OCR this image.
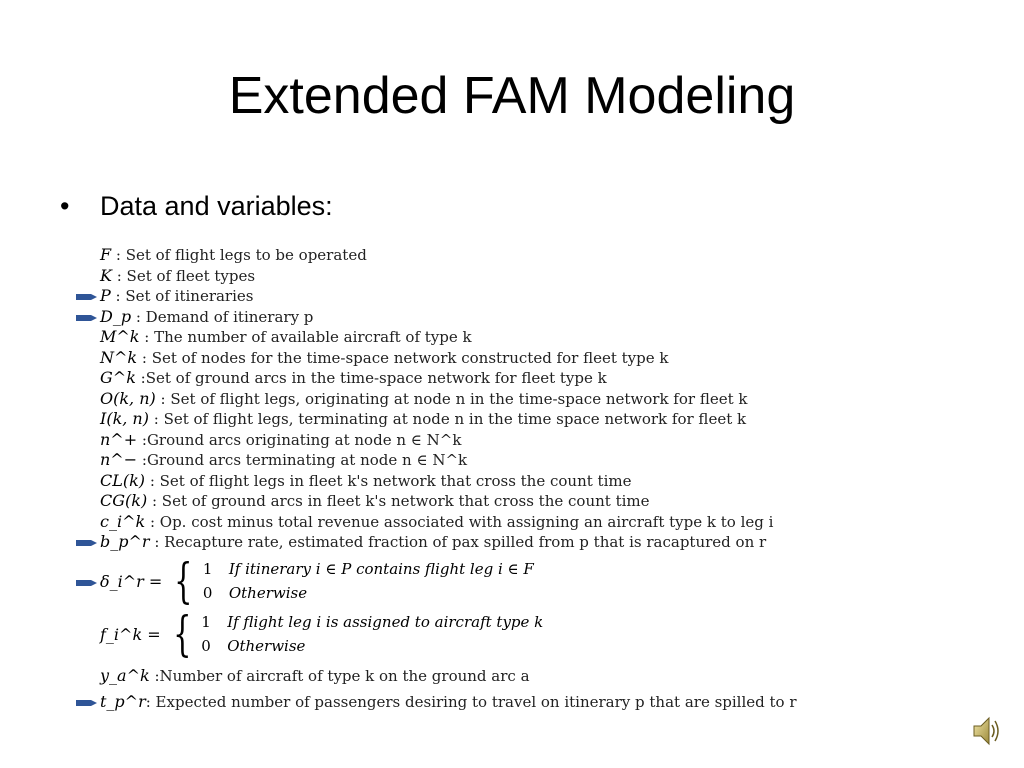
Extended FAM Modeling
• Data and variables:
F : Set of flight legs to be operated
K : Set of fleet types
P : Set of itineraries
D_p : Demand of itinerary p
M^k : The number of available aircraft of type k
N^k : Set of nodes for the time-space network constructed for fleet type k
G^k :Set of ground arcs in the time-space network for fleet type k
O(k, n) : Set of flight legs, originating at node n in the time-space network for fleet k
I(k, n) : Set of flight legs, terminating at node n in the time space network for fleet k
n^+ :Ground arcs originating at node n ∈ N^k
n^− :Ground arcs terminating at node n ∈ N^k
CL(k) : Set of flight legs in fleet k's network that cross the count time
CG(k) : Set of ground arcs in fleet k's network that cross the count time
c_i^k : Op. cost minus total revenue associated with assigning an aircraft type k to leg i
b_p^r : Recapture rate, estimated fraction of pax spilled from p that is racaptured on r
δ_i^r = { 1 If itinerary i ∈ P contains flight leg i ∈ F
0 Otherwise
f_i^k = { 1 If flight leg i is assigned to aircraft type k
0 Otherwise
y_a^k :Number of aircraft of type k on the ground arc a
t_p^r: Expected number of passengers desiring to travel on itinerary p that are spilled to r
